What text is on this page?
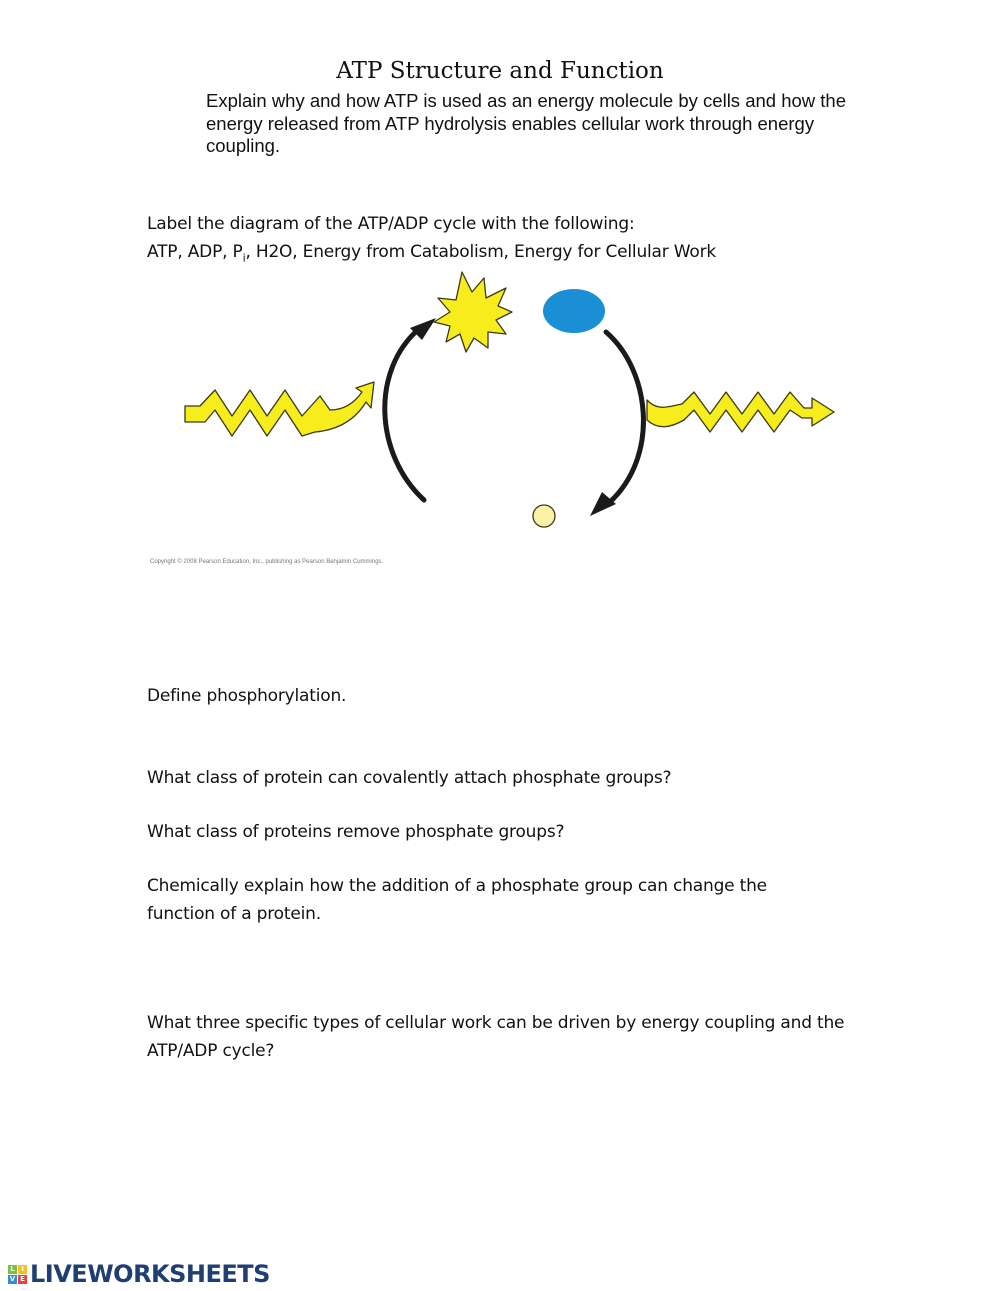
ATP Structure and Function
Explain why and how ATP is used as an energy molecule by cells and how the energy released from ATP hydrolysis enables cellular work through energy coupling.
Label the diagram of the ATP/ADP cycle with the following:
ATP, ADP, $P_i$, H2O, Energy from Catabolism, Energy for Cellular Work
Copyright © 2008 Pearson Education, Inc., publishing as Pearson Benjamin Cummings.
Define phosphorylation.
What class of protein can covalently attach phosphate groups?
What class of proteins remove phosphate groups?
Chemically explain how the addition of a phosphate group can change the function of a protein.
What three specific types of cellular work can be driven by energy coupling and the ATP/ADP cycle?
L I
V E LIVEWORKSHEETS
